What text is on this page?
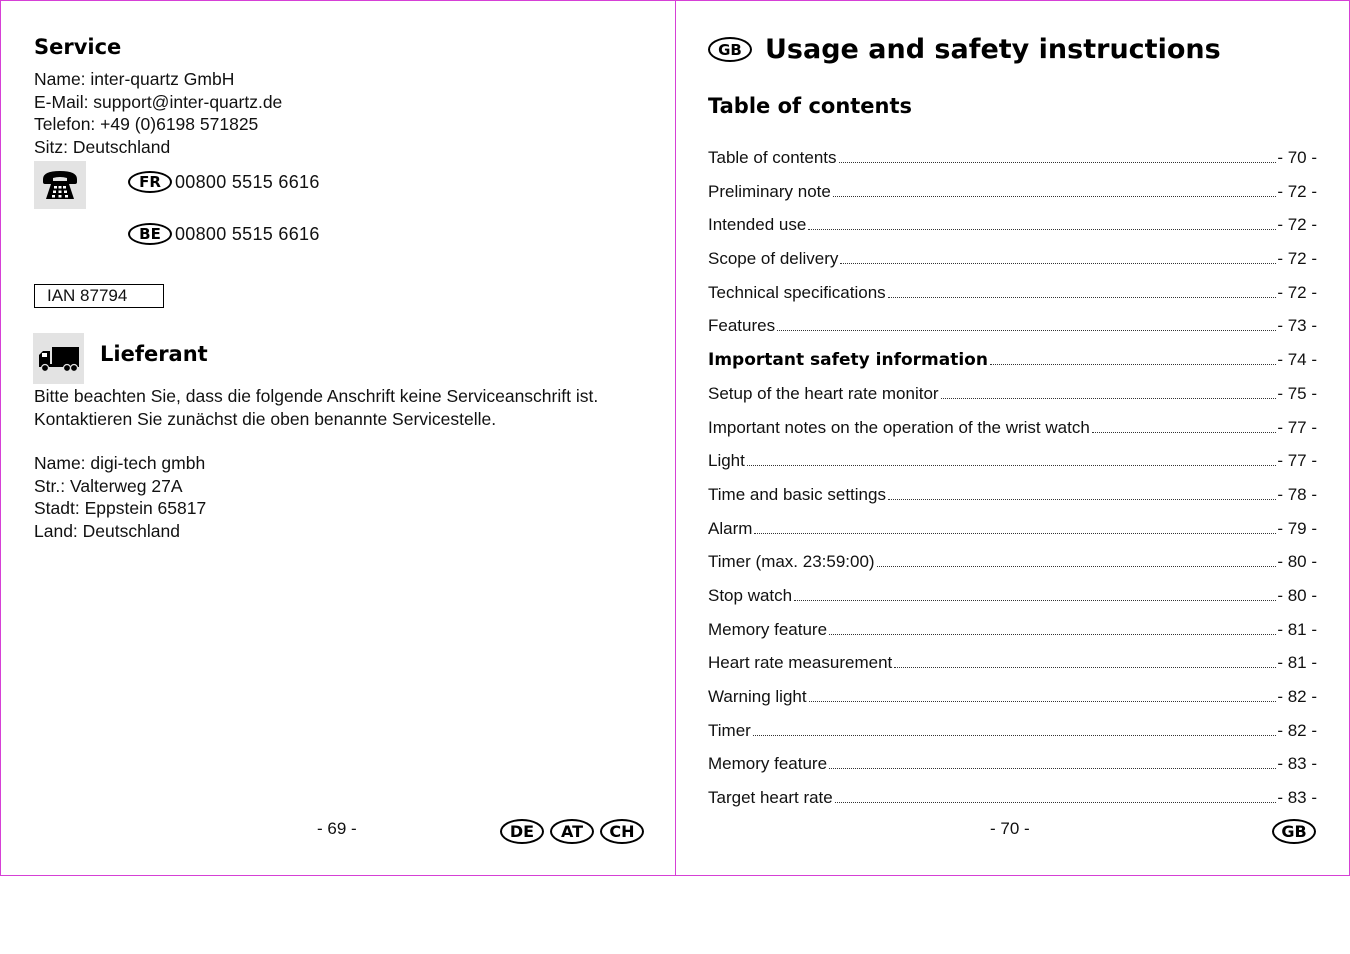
Service
Name: inter-quartz GmbH
E-Mail: support@inter-quartz.de
Telefon: +49 (0)6198 571825
Sitz: Deutschland
FR 00800 5515 6616
BE 00800 5515 6616
IAN 87794
Lieferant
Bitte beachten Sie, dass die folgende Anschrift keine Serviceanschrift ist.
Kontaktieren Sie zunächst die oben benannte Servicestelle.
Name: digi-tech gmbh
Str.: Valterweg 27A
Stadt: Eppstein 65817
Land: Deutschland
- 69 -	DE	AT	CH
GB Usage and safety instructions
Table of contents
Table of contents	- 70 -
Preliminary note	- 72 -
Intended use	- 72 -
Scope of delivery	- 72 -
Technical specifications	- 72 -
Features	- 73 -
Important safety information	- 74 -
Setup of the heart rate monitor	- 75 -
Important notes on the operation of the wrist watch	- 77 -
Light	- 77 -
Time and basic settings	- 78 -
Alarm	- 79 -
Timer (max. 23:59:00)	- 80 -
Stop watch	- 80 -
Memory feature	- 81 -
Heart rate measurement	- 81 -
Warning light	- 82 -
Timer	- 82 -
Memory feature	- 83 -
Target heart rate	- 83 -
- 70 -	GB
